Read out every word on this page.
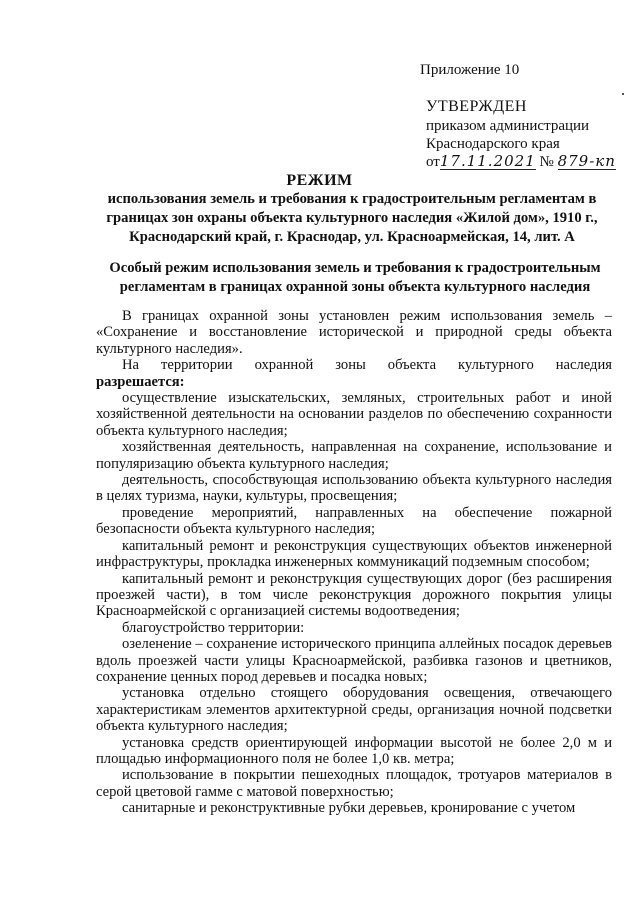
Приложение 10
УТВЕРЖДЕН
приказом администрации
Краснодарского края
от17.11.2021 № 879-кп
РЕЖИМ
использования земель и требования к градостроительным регламентам в границах зон охраны объекта культурного наследия «Жилой дом», 1910 г., Краснодарский край, г. Краснодар, ул. Красноармейская, 14, лит. А
Особый режим использования земель и требования к градостроительным регламентам в границах охранной зоны объекта культурного наследия

В границах охранной зоны установлен режим использования земель – «Сохранение и восстановление исторической и природной среды объекта культурного наследия».

На территории охранной зоны объекта культурного наследия

разрешается:

осуществление изыскательских, земляных, строительных работ и иной хозяйственной деятельности на основании разделов по обеспечению сохранности объекта культурного наследия;

хозяйственная деятельность, направленная на сохранение, использование и популяризацию объекта культурного наследия;

деятельность, способствующая использованию объекта культурного наследия в целях туризма, науки, культуры, просвещения;

проведение мероприятий, направленных на обеспечение пожарной безопасности объекта культурного наследия;

капитальный ремонт и реконструкция существующих объектов инженерной инфраструктуры, прокладка инженерных коммуникаций подземным способом;

капитальный ремонт и реконструкция существующих дорог (без расширения проезжей части), в том числе реконструкция дорожного покрытия улицы Красноармейской с организацией системы водоотведения;

благоустройство территории:

озеленение – сохранение исторического принципа аллейных посадок деревьев вдоль проезжей части улицы Красноармейской, разбивка газонов и цветников, сохранение ценных пород деревьев и посадка новых;

установка отдельно стоящего оборудования освещения, отвечающего характеристикам элементов архитектурной среды, организация ночной подсветки объекта культурного наследия;

установка средств ориентирующей информации высотой не более 2,0 м и площадью информационного поля не более 1,0 кв. метра;

использование в покрытии пешеходных площадок, тротуаров материалов в серой цветовой гамме с матовой поверхностью;

санитарные и реконструктивные рубки деревьев, кронирование с учетом
